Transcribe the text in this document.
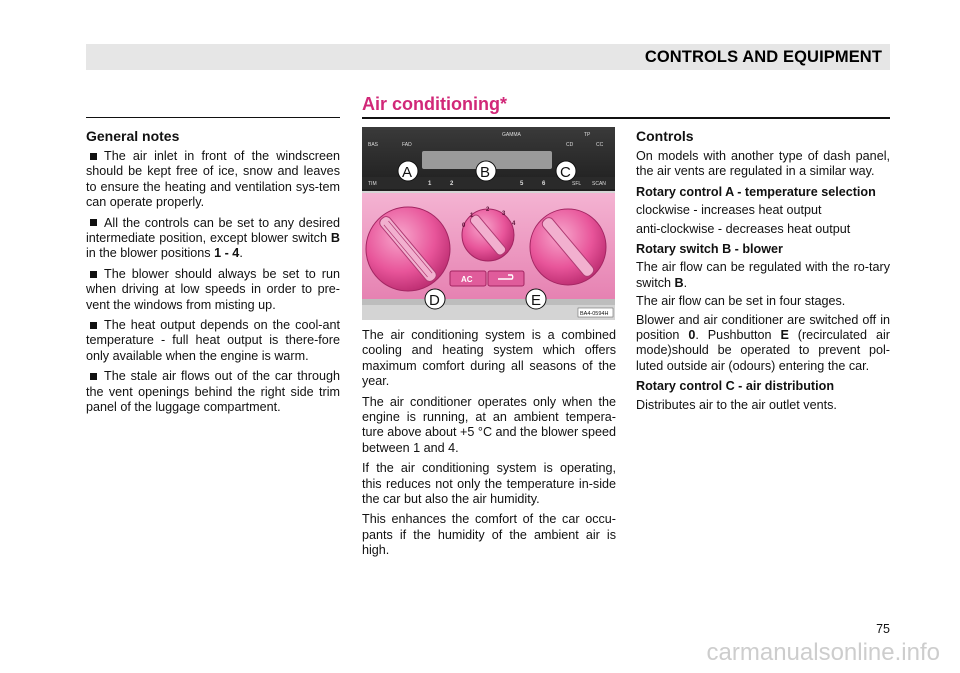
CONTROLS AND EQUIPMENT
Air conditioning*
General notes

The air inlet in front of the windscreen should be kept free of ice, snow and leaves to ensure the heating and ventilation sys-tem can operate properly.

All the controls can be set to any desired intermediate position, except blower switch B in the blower positions 1 - 4.

The blower should always be set to run when driving at low speeds in order to pre-vent the windows from misting up.

The heat output depends on the cool-ant temperature - full heat output is there-fore only available when the engine is warm.

The stale air flows out of the car through the vent openings behind the right side trim panel of the luggage compartment.

BAS	FAD
GAMMA	TP
CD	CC
TIM	1	2	5	6	SFL SCAN
0
1
2
3
4
AC
A	B	C
D	E
BA4-0594H

The air conditioning system is a combined cooling and heating system which offers maximum comfort during all seasons of the year.

The air conditioner operates only when the engine is running, at an ambient tempera-ture above about +5 °C and the blower speed between 1 and 4.

If the air conditioning system is operating, this reduces not only the temperature in-side the car but also the air humidity.

This enhances the comfort of the car occu-pants if the humidity of the ambient air is high.

Controls

On models with another type of dash panel, the air vents are regulated in a similar way.

Rotary control A - temperature selection

clockwise - increases heat output

anti-clockwise - decreases heat output

Rotary switch B - blower

The air flow can be regulated with the ro-tary switch B.

The air flow can be set in four stages.

Blower and air conditioner are switched off in position 0. Pushbutton E (recirculated air mode)should be operated to prevent pol-luted outside air (odours) entering the car.

Rotary control C - air distribution

Distributes air to the air outlet vents.

75
carmanualsonline.info
